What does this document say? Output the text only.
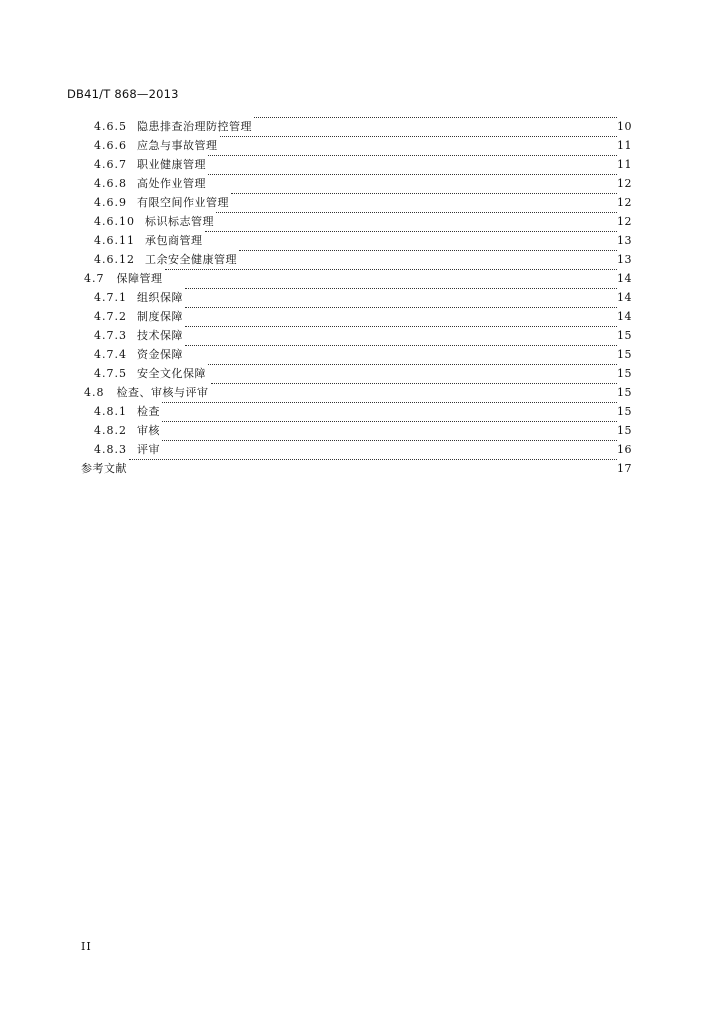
DB41/T 868—2013
4.6.5 隐患排查治理防控管理	10
4.6.6 应急与事故管理	11
4.6.7 职业健康管理	11
4.6.8 高处作业管理	12
4.6.9 有限空间作业管理	12
4.6.10 标识标志管理	12
4.6.11 承包商管理	13
4.6.12 工余安全健康管理	13
4.7 保障管理	14
4.7.1 组织保障	14
4.7.2 制度保障	14
4.7.3 技术保障	15
4.7.4 资金保障	15
4.7.5 安全文化保障	15
4.8 检查、审核与评审	15
4.8.1 检查	15
4.8.2 审核	15
4.8.3 评审	16
参考文献	17
II
